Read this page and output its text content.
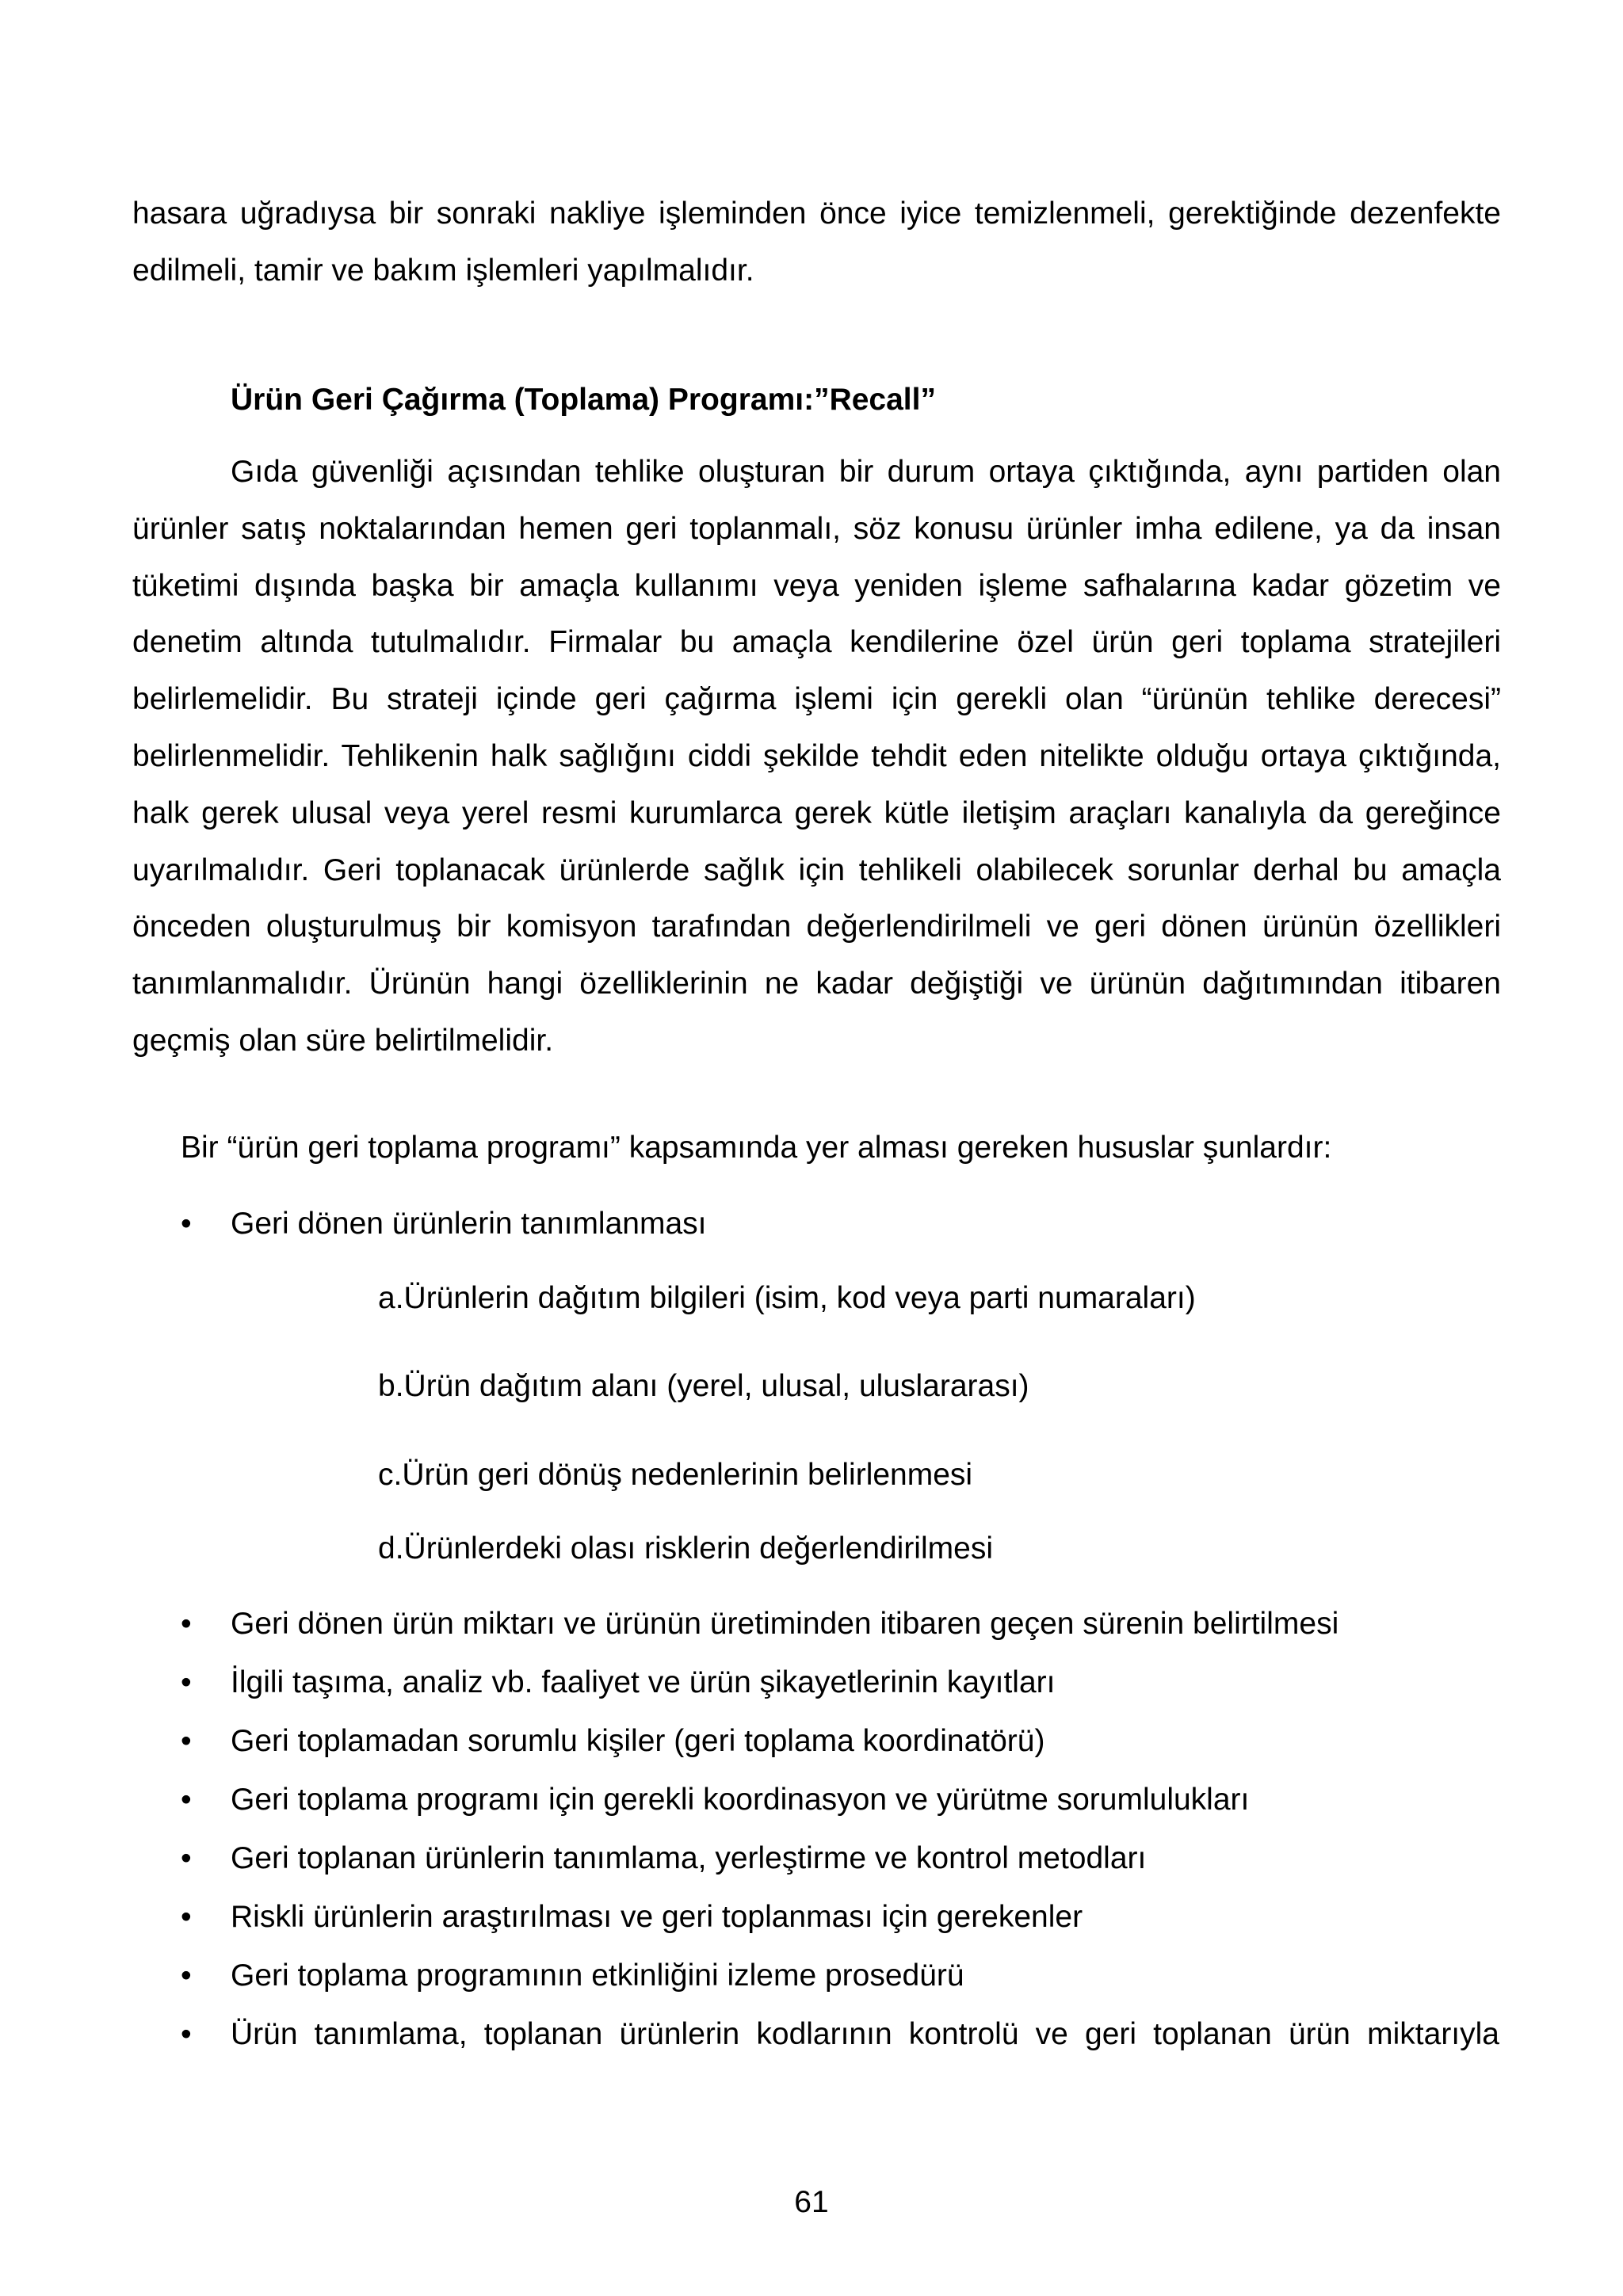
hasara uğradıysa bir sonraki nakliye işleminden önce iyice temizlenmeli, gerektiğinde dezenfekte edilmeli, tamir ve bakım işlemleri yapılmalıdır.

Ürün Geri Çağırma (Toplama) Programı:”Recall”

Gıda güvenliği açısından tehlike oluşturan bir durum ortaya çıktığında, aynı partiden olan ürünler satış noktalarından hemen geri toplanmalı, söz konusu ürünler imha edilene, ya da insan tüketimi dışında başka bir amaçla kullanımı veya yeniden işleme safhalarına kadar gözetim ve denetim altında tutulmalıdır. Firmalar bu amaçla kendilerine özel ürün geri toplama stratejileri belirlemelidir. Bu strateji içinde geri çağırma işlemi için gerekli olan “ürünün tehlike derecesi” belirlenmelidir. Tehlikenin halk sağlığını ciddi şekilde tehdit eden nitelikte olduğu ortaya çıktığında, halk gerek ulusal veya yerel resmi kurumlarca gerek kütle iletişim araçları kanalıyla da gereğince uyarılmalıdır. Geri toplanacak ürünlerde sağlık için tehlikeli olabilecek sorunlar derhal bu amaçla önceden oluşturulmuş bir komisyon tarafından değerlendirilmeli ve geri dönen ürünün özellikleri tanımlanmalıdır. Ürünün hangi özelliklerinin ne kadar değiştiği ve ürünün dağıtımından itibaren geçmiş olan süre belirtilmelidir.

Bir “ürün geri toplama programı” kapsamında yer alması gereken hususlar şunlardır:

•	Geri dönen ürünlerin tanımlanması

a.Ürünlerin dağıtım bilgileri (isim, kod veya parti numaraları)

b.Ürün dağıtım alanı (yerel, ulusal, uluslararası)

c.Ürün geri dönüş nedenlerinin belirlenmesi

d.Ürünlerdeki olası risklerin değerlendirilmesi

•	Geri dönen ürün miktarı ve ürünün üretiminden itibaren geçen sürenin belirtilmesi
•	İlgili taşıma, analiz vb. faaliyet ve ürün şikayetlerinin kayıtları
•	Geri toplamadan sorumlu kişiler (geri toplama koordinatörü)
•	Geri toplama programı için gerekli koordinasyon ve yürütme sorumlulukları
•	Geri toplanan ürünlerin tanımlama, yerleştirme ve kontrol metodları
•	Riskli ürünlerin araştırılması ve geri toplanması için gerekenler
•	Geri toplama programının etkinliğini izleme prosedürü
•	Ürün tanımlama, toplanan ürünlerin kodlarının kontrolü ve geri toplanan ürün miktarıyla

61
